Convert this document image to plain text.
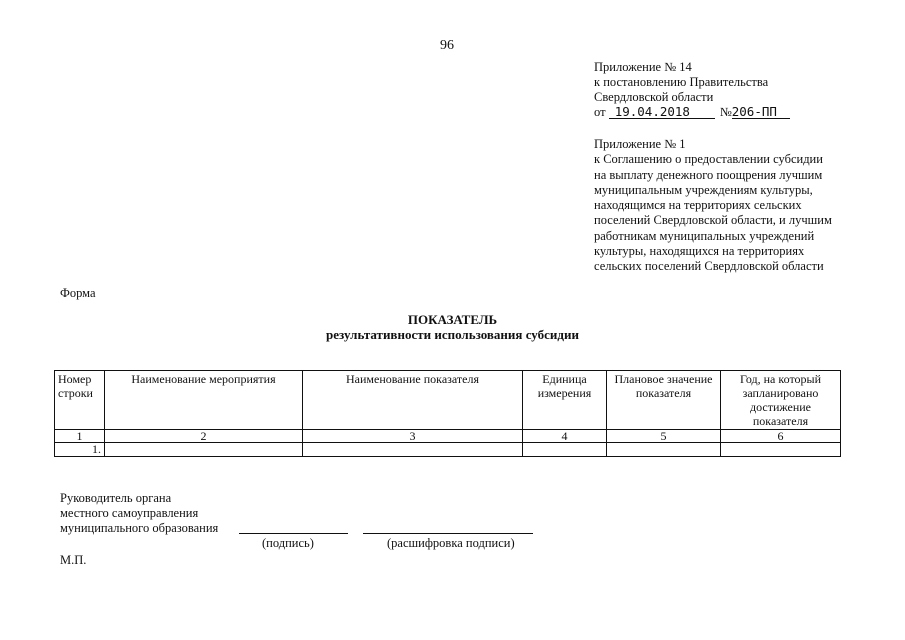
96
Приложение № 14
к постановлению Правительства
Свердловской области
от 19.04.2018 №206-ПП
Приложение № 1
к Соглашению о предоставлении субсидии
на выплату денежного поощрения лучшим
муниципальным учреждениям культуры,
находящимся на территориях сельских
поселений Свердловской области, и лучшим
работникам муниципальных учреждений
культуры, находящихся на территориях
сельских поселений Свердловской области
Форма
ПОКАЗАТЕЛЬ
результативности использования субсидии
Номер строки	Наименование мероприятия	Наименование показателя	Единица измерения	Плановое значение показателя	Год, на который запланировано достижение показателя
1	2	3	4	5	6
1.					
Руководитель органа
местного самоуправления
муниципального образования
(подпись)	(расшифровка подписи)
М.П.
